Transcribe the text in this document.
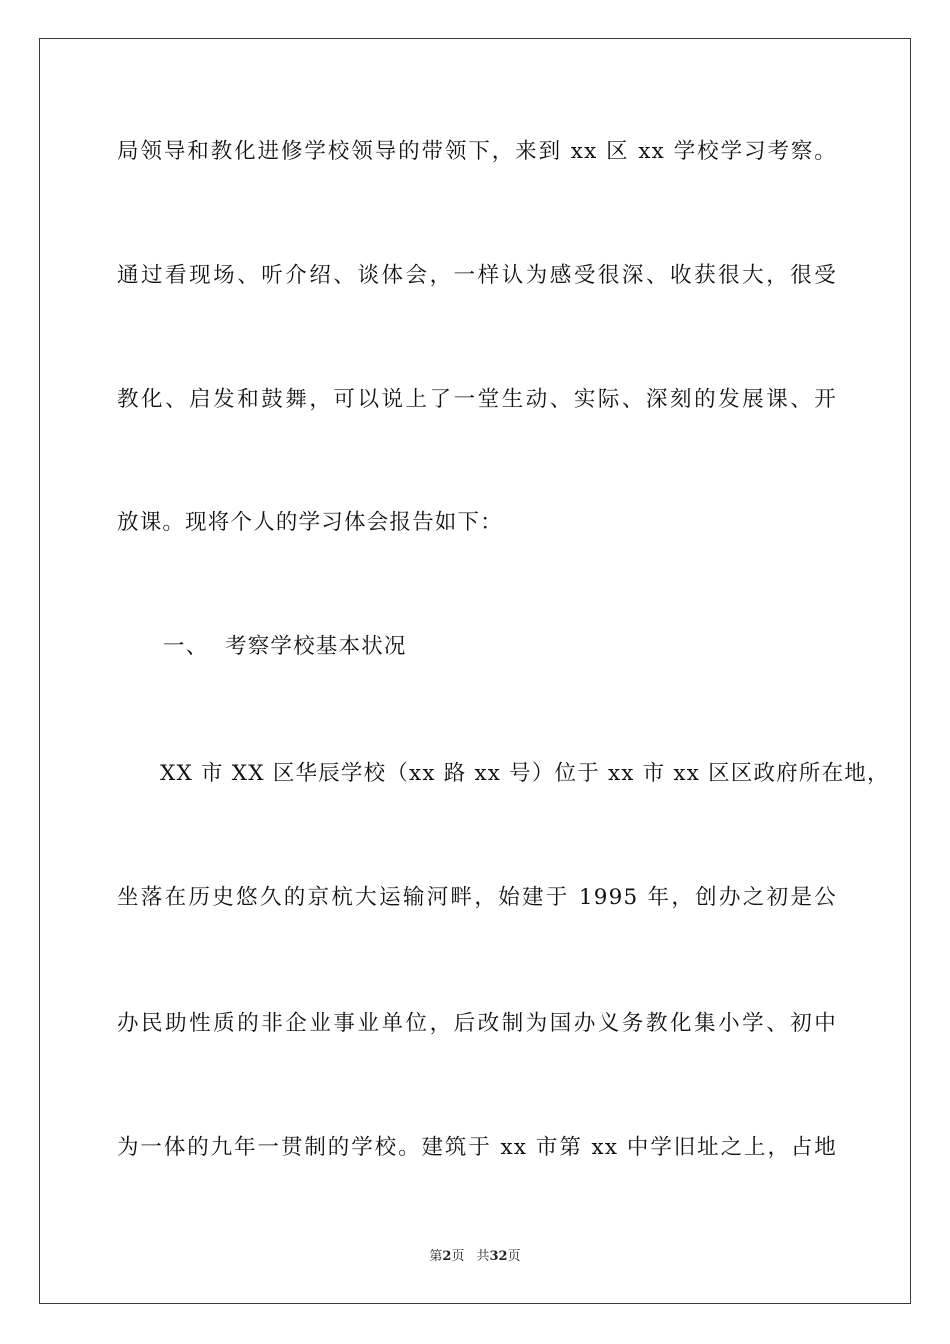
局领导和教化进修学校领导的带领下，来到 xx 区 xx 学校学习考察。
通过看现场、听介绍、谈体会，一样认为感受很深、收获很大，很受
教化、启发和鼓舞，可以说上了一堂生动、实际、深刻的发展课、开
放课。现将个人的学习体会报告如下：
一、 考察学校基本状况
XX 市 XX 区华辰学校（xx 路 xx 号）位于 xx 市 xx 区区政府所在地，
坐落在历史悠久的京杭大运输河畔，始建于 1995 年，创办之初是公
办民助性质的非企业事业单位，后改制为国办义务教化集小学、初中
为一体的九年一贯制的学校。建筑于 xx 市第 xx 中学旧址之上，占地
第2页 共32页
